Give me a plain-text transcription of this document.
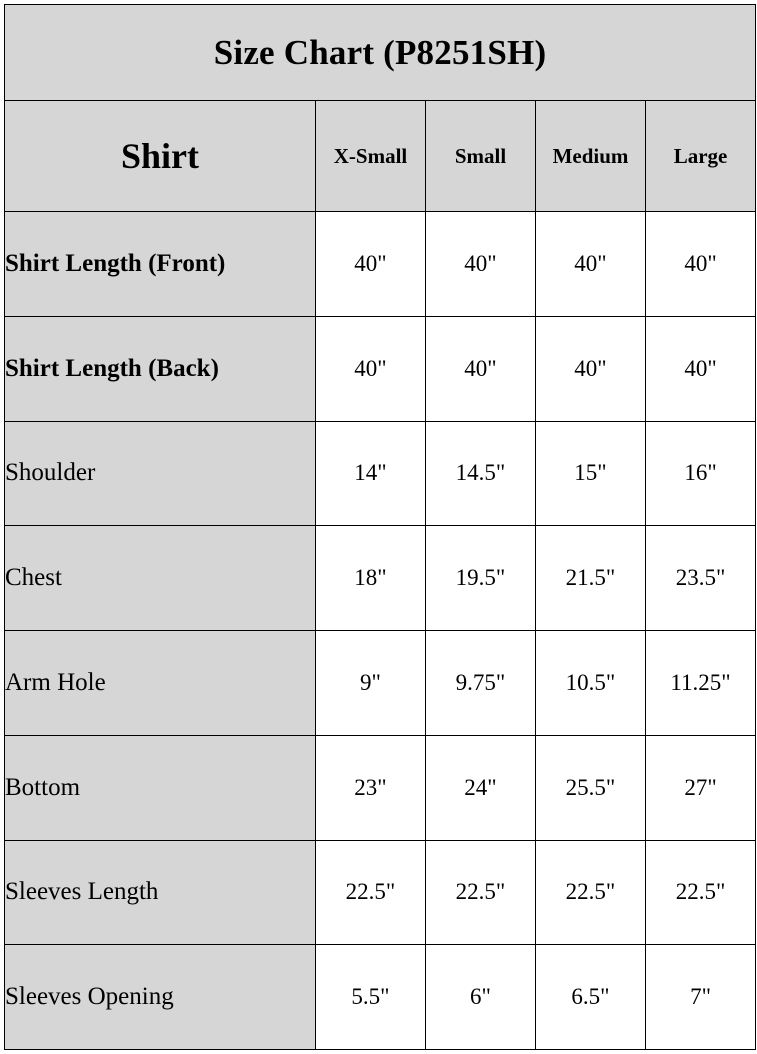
Size Chart (P8251SH)				
Shirt	X-Small	Small	Medium	Large
Shirt Length (Front)	40"	40"	40"	40"
Shirt Length (Back)	40"	40"	40"	40"
Shoulder	14"	14.5"	15"	16"
Chest	18"	19.5"	21.5"	23.5"
Arm Hole	9"	9.75"	10.5"	11.25"
Bottom	23"	24"	25.5"	27"
Sleeves Length	22.5"	22.5"	22.5"	22.5"
Sleeves Opening	5.5"	6"	6.5"	7"
